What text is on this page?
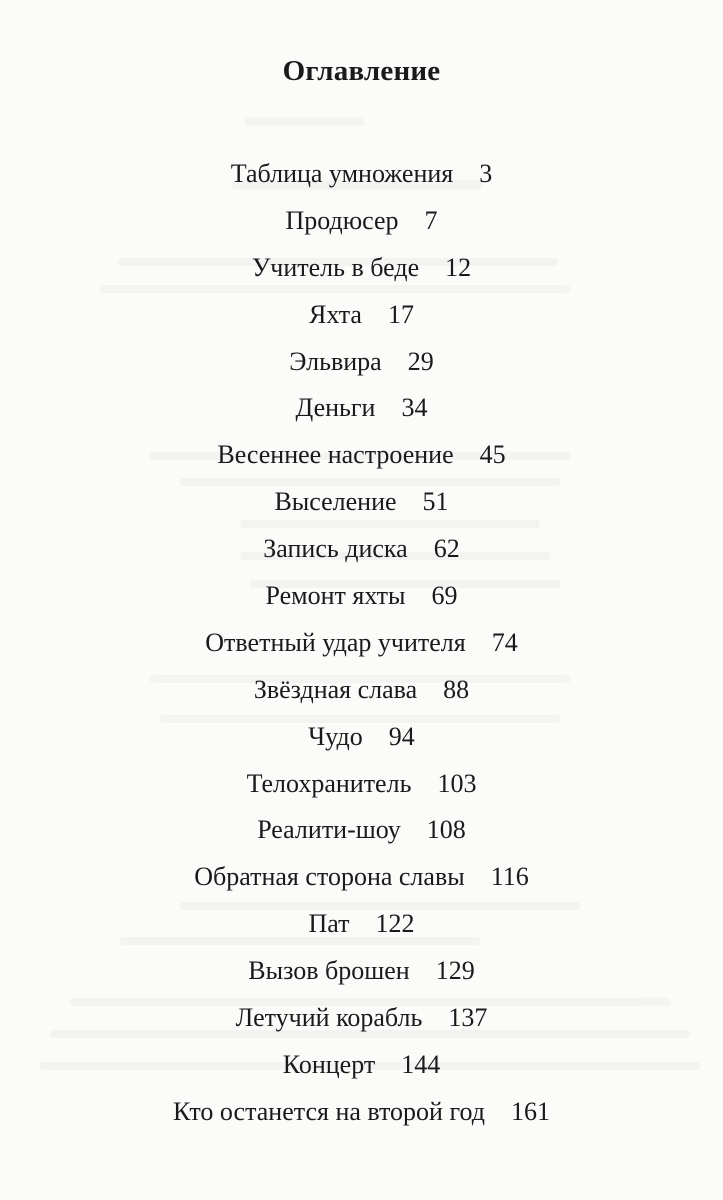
Оглавление
Таблица умножения 3
Продюсер 7
Учитель в беде 12
Яхта 17
Эльвира 29
Деньги 34
Весеннее настроение 45
Выселение 51
Запись диска 62
Ремонт яхты 69
Ответный удар учителя 74
Звёздная слава 88
Чудо 94
Телохранитель 103
Реалити-шоу 108
Обратная сторона славы 116
Пат 122
Вызов брошен 129
Летучий корабль 137
Концерт 144
Кто останется на второй год 161
